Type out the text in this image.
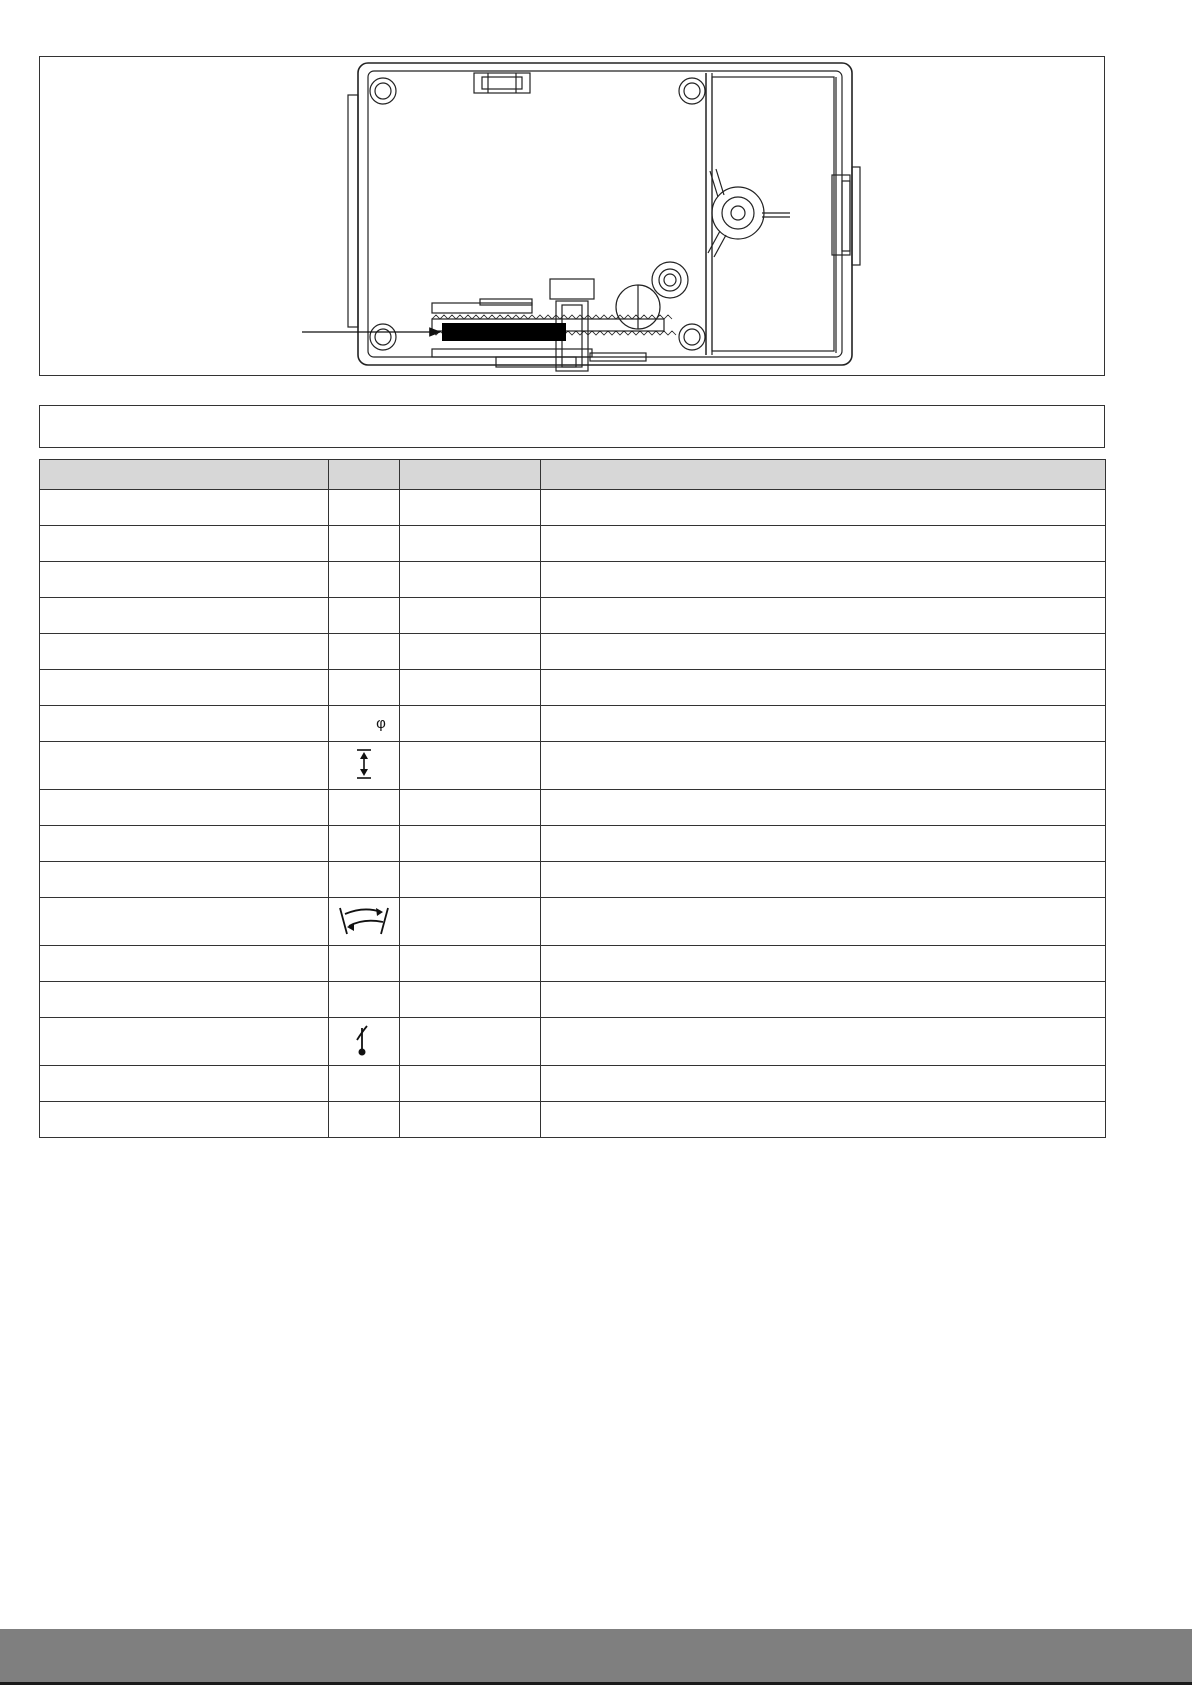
	φ		
